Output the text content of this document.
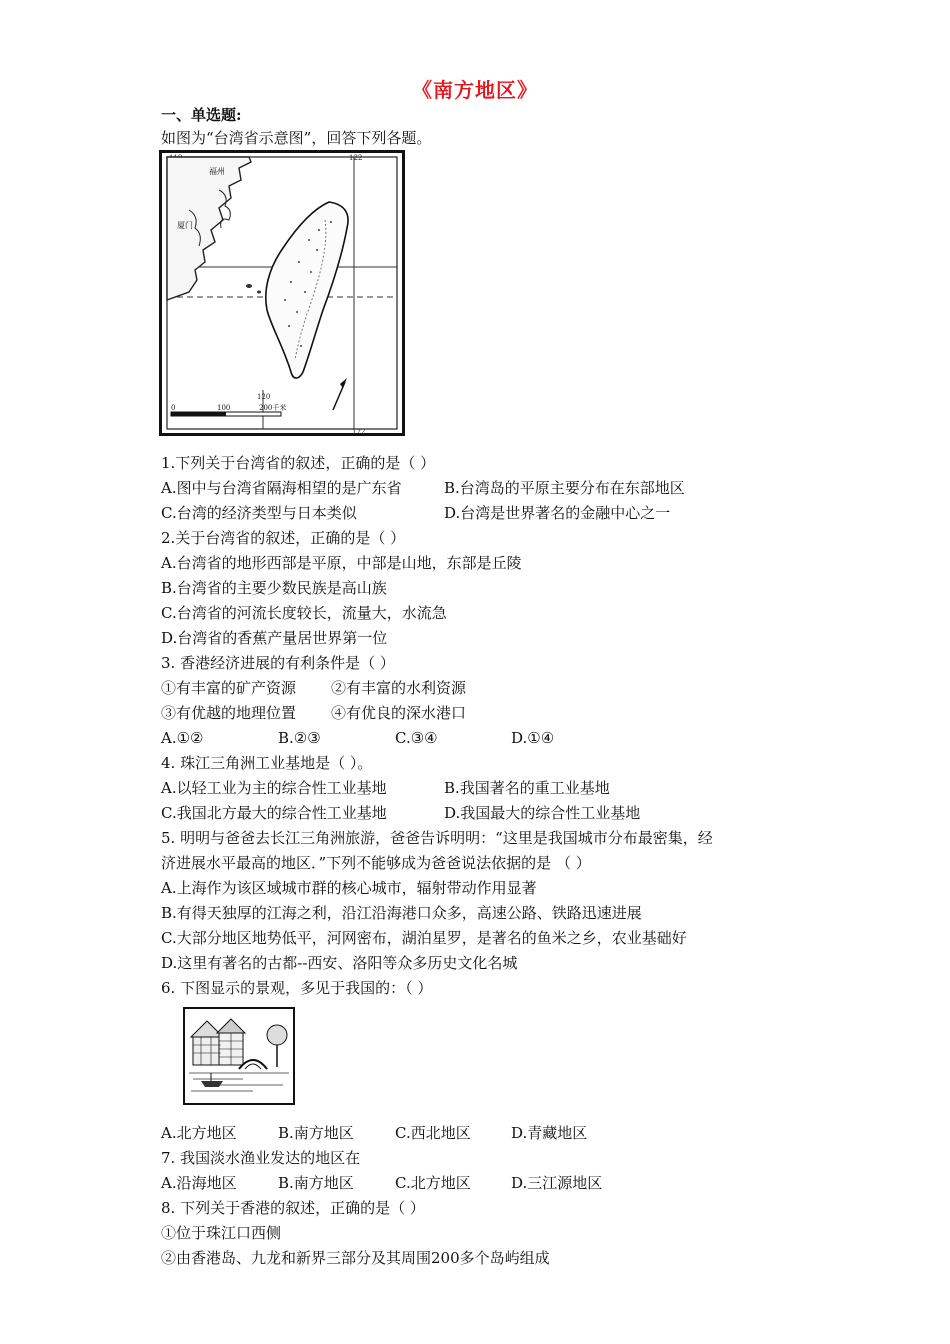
《南方地区》
一、单选题:
如图为“台湾省示意图”，回答下列各题。
122
120
122
福州
厦门
0	100	200千米
1.下列关于台湾省的叙述，正确的是（ ）
A.图中与台湾省隔海相望的是广东省	B.台湾岛的平原主要分布在东部地区
C.台湾的经济类型与日本类似	D.台湾是世界著名的金融中心之一
2.关于台湾省的叙述，正确的是（ ）
A.台湾省的地形西部是平原，中部是山地，东部是丘陵
B.台湾省的主要少数民族是高山族
C.台湾省的河流长度较长，流量大，水流急
D.台湾省的香蕉产量居世界第一位
3. 香港经济进展的有利条件是（ ）
①有丰富的矿产资源	②有丰富的水利资源
③有优越的地理位置	④有优良的深水港口
A.①②	B.②③	C.③④	D.①④
4. 珠江三角洲工业基地是（ ）。
A.以轻工业为主的综合性工业基地	B.我国著名的重工业基地
C.我国北方最大的综合性工业基地	D.我国最大的综合性工业基地
5. 明明与爸爸去长江三角洲旅游，爸爸告诉明明：“这里是我国城市分布最密集，经
济进展水平最高的地区．”下列不能够成为爸爸说法依据的是 （ ）
A.上海作为该区域城市群的核心城市，辐射带动作用显著
B.有得天独厚的江海之利，沿江沿海港口众多，高速公路、铁路迅速进展
C.大部分地区地势低平，河网密布，湖泊星罗，是著名的鱼米之乡，农业基础好
D.这里有著名的古都--西安、洛阳等众多历史文化名城
6. 下图显示的景观，多见于我国的：（ ）
A.北方地区	B.南方地区	C.西北地区	D.青藏地区
7. 我国淡水渔业发达的地区在
A.沿海地区	B.南方地区	C.北方地区	D.三江源地区
8. 下列关于香港的叙述，正确的是（ ）
①位于珠江口西侧
②由香港岛、九龙和新界三部分及其周围200多个岛屿组成
